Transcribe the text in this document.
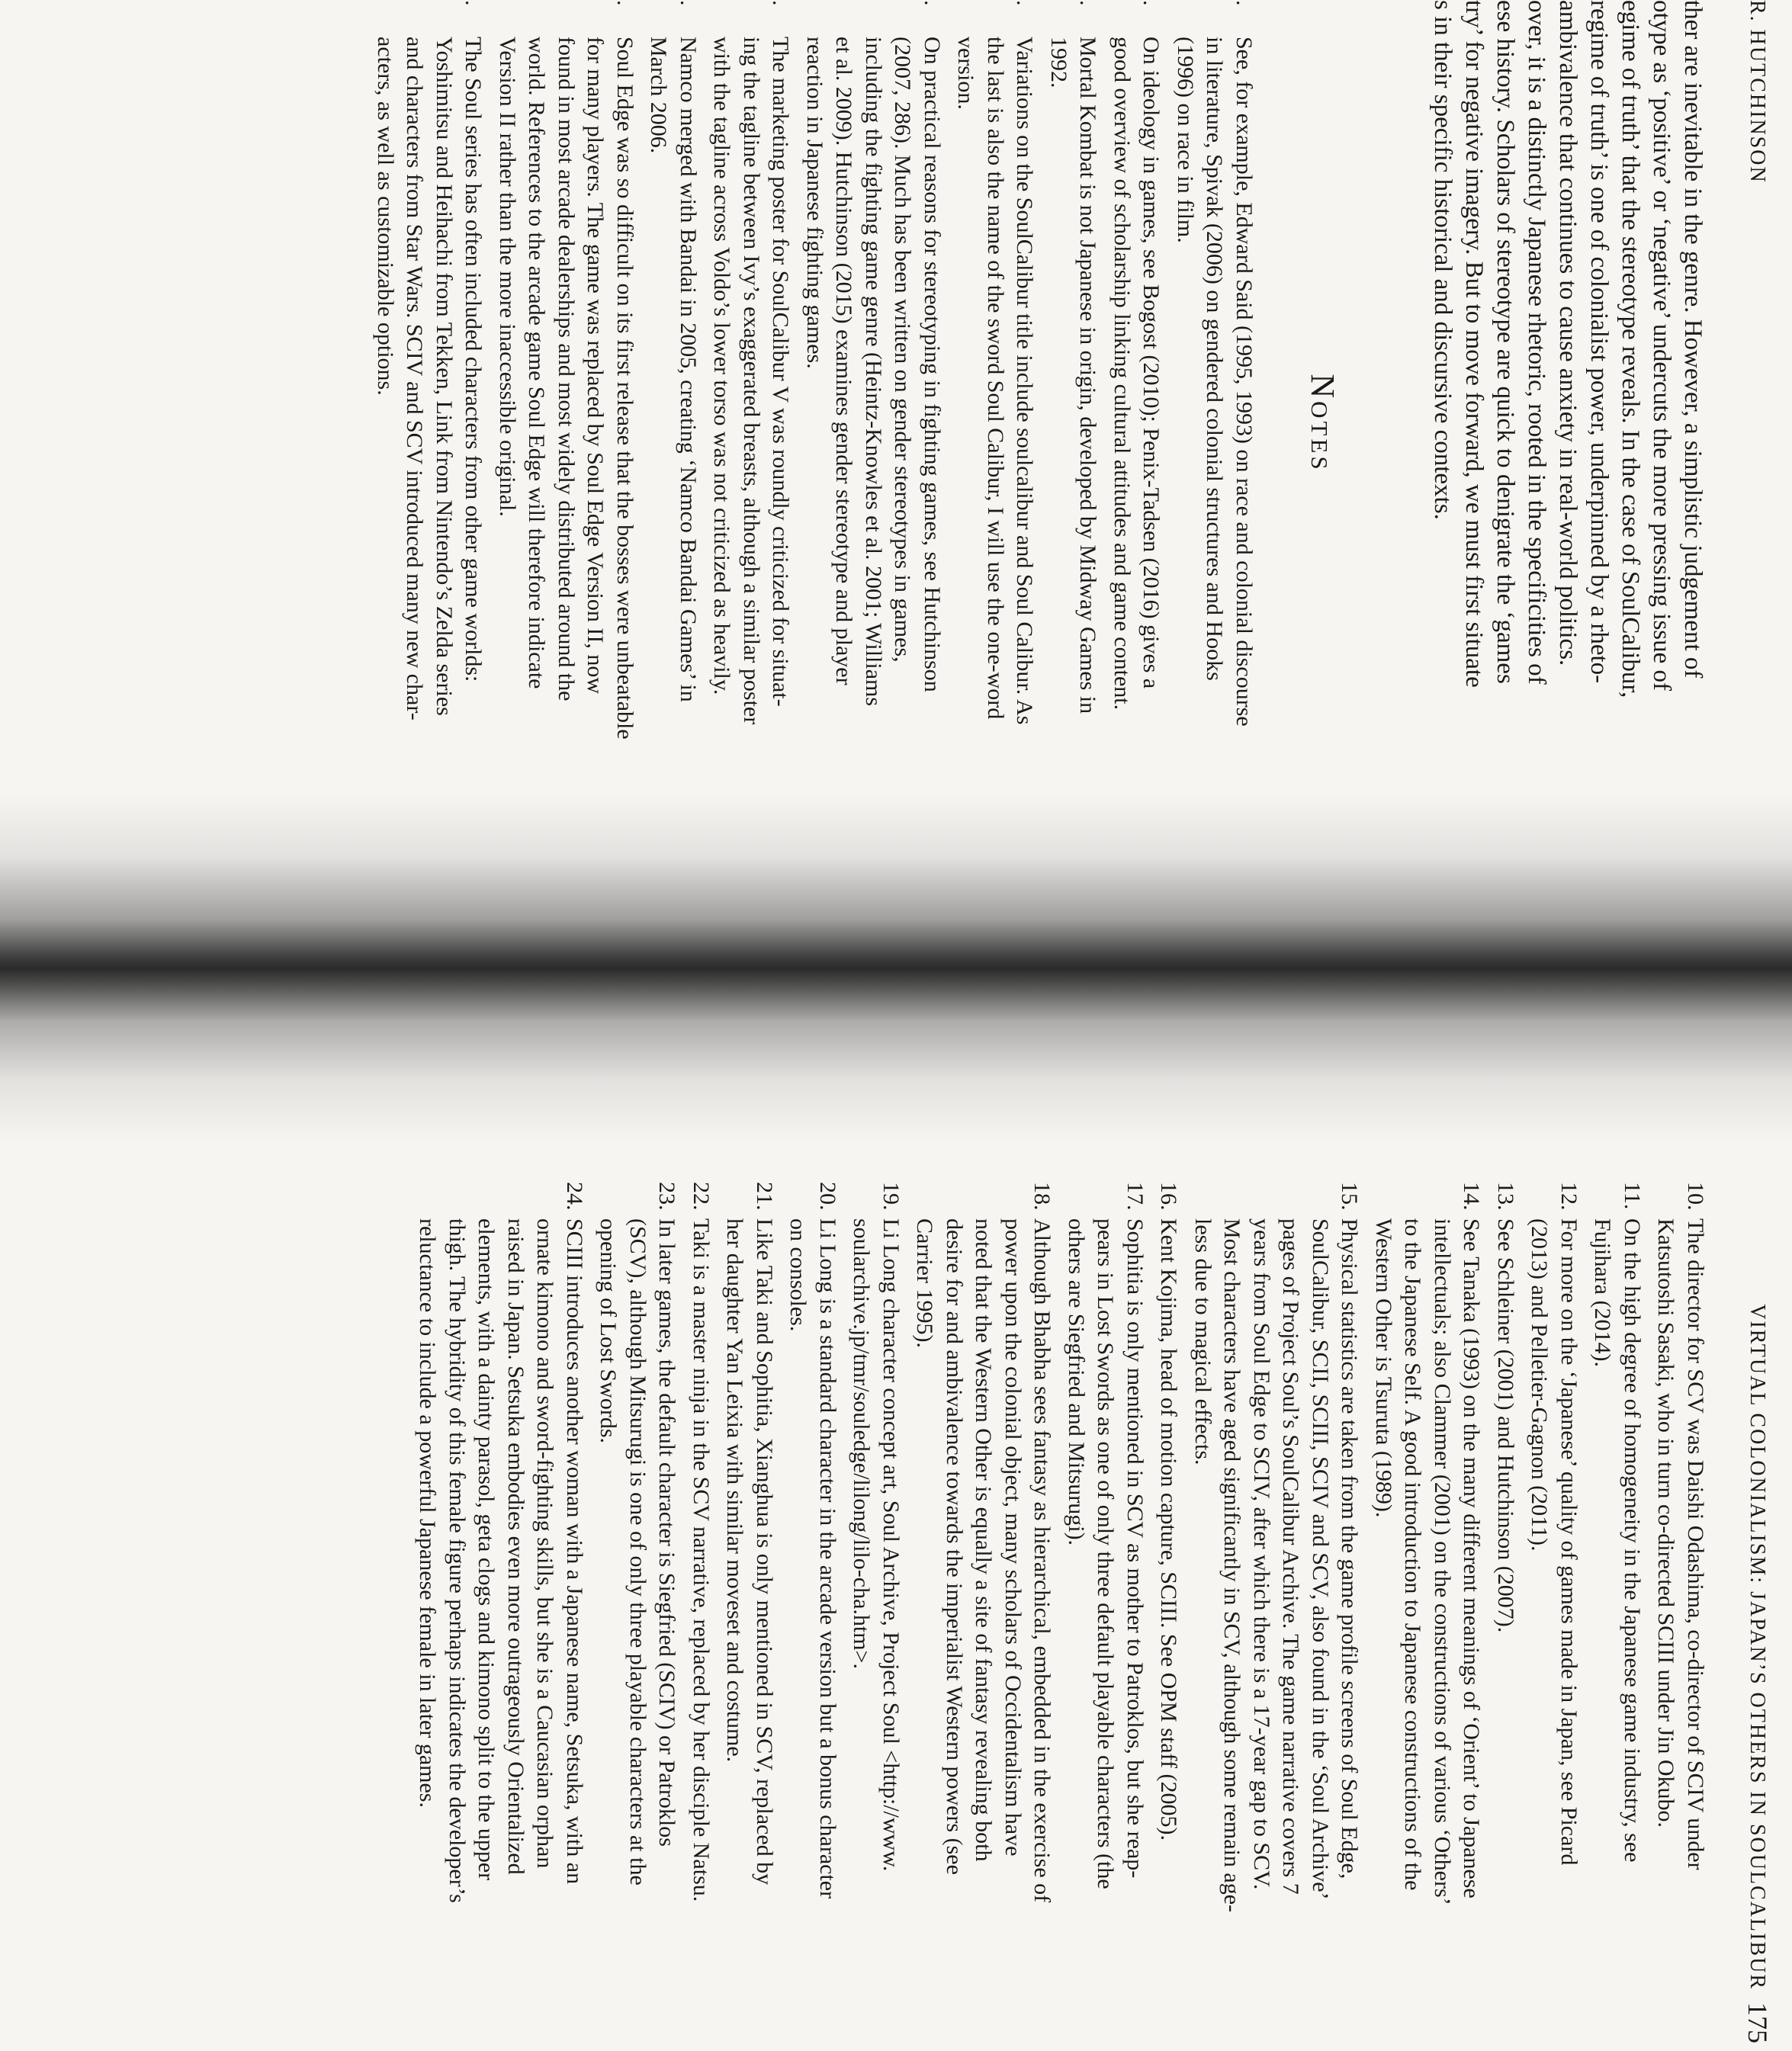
R. HUTCHINSON
ther are inevitable in the genre. However, a simplistic judgement of
otype as ‘positive’ or ‘negative’ undercuts the more pressing issue of
egime of truth’ that the stereotype reveals. In the case of SoulCalibur,
regime of truth’ is one of colonialist power, underpinned by a rheto-
ambivalence that continues to cause anxiety in real-world politics.
over, it is a distinctly Japanese rhetoric, rooted in the specificities of
ese history. Scholars of stereotype are quick to denigrate the ‘games
try’ for negative imagery. But to move forward, we must first situate
s in their specific historical and discursive contexts.
Notes
.See, for example, Edward Said (1995, 1993) on race and colonial discourse
in literature, Spivak (2006) on gendered colonial structures and Hooks
(1996) on race in film.
.On ideology in games, see Bogost (2010); Penix-Tadsen (2016) gives a
good overview of scholarship linking cultural attitudes and game content.
.Mortal Kombat is not Japanese in origin, developed by Midway Games in
1992.
.Variations on the SoulCalibur title include soulcalibur and Soul Calibur. As
the last is also the name of the sword Soul Calibur, I will use the one-word
version.
.On practical reasons for stereotyping in fighting games, see Hutchinson
(2007, 286). Much has been written on gender stereotypes in games,
including the fighting game genre (Heintz-Knowles et al. 2001; Williams
et al. 2009). Hutchinson (2015) examines gender stereotype and player
reaction in Japanese fighting games.
.The marketing poster for SoulCalibur V was roundly criticized for situat-
ing the tagline between Ivy’s exaggerated breasts, although a similar poster
with the tagline across Voldo’s lower torso was not criticized as heavily.
.Namco merged with Bandai in 2005, creating ‘Namco Bandai Games’ in
March 2006.
.Soul Edge was so difficult on its first release that the bosses were unbeatable
for many players. The game was replaced by Soul Edge Version II, now
found in most arcade dealerships and most widely distributed around the
world. References to the arcade game Soul Edge will therefore indicate
Version II rather than the more inaccessible original.
.The Soul series has often included characters from other game worlds:
Yoshimitsu and Heihachi from Tekken, Link from Nintendo’s Zelda series
and characters from Star Wars. SCIV and SCV introduced many new char-
acters, as well as customizable options.
VIRTUAL COLONIALISM: JAPAN’S OTHERS IN SOULCALIBUR
175
10.The director for SCV was Daishi Odashima, co-director of SCIV under
Katsutoshi Sasaki, who in turn co-directed SCIII under Jin Okubo.
11.On the high degree of homogeneity in the Japanese game industry, see
Fujihara (2014).
12.For more on the ‘Japanese’ quality of games made in Japan, see Picard
(2013) and Pelletier-Gagnon (2011).
13.See Schleiner (2001) and Hutchinson (2007).
14.See Tanaka (1993) on the many different meanings of ‘Orient’ to Japanese
intellectuals; also Clammer (2001) on the constructions of various ‘Others’
to the Japanese Self. A good introduction to Japanese constructions of the
Western Other is Tsuruta (1989).
15.Physical statistics are taken from the game profile screens of Soul Edge,
SoulCalibur, SCII, SCIII, SCIV and SCV, also found in the ‘Soul Archive’
pages of Project Soul’s SoulCalibur Archive. The game narrative covers 7
years from Soul Edge to SCIV, after which there is a 17-year gap to SCV.
Most characters have aged significantly in SCV, although some remain age-
less due to magical effects.
16.Kent Kojima, head of motion capture, SCIII. See OPM staff (2005).
17.Sophitia is only mentioned in SCV as mother to Patroklos, but she reap-
pears in Lost Swords as one of only three default playable characters (the
others are Siegfried and Mitsurugi).
18.Although Bhabha sees fantasy as hierarchical, embedded in the exercise of
power upon the colonial object, many scholars of Occidentalism have
noted that the Western Other is equally a site of fantasy revealing both
desire for and ambivalence towards the imperialist Western powers (see
Carrier 1995).
19.Li Long character concept art, Soul Archive, Project Soul <http://www.
soularchive.jp/tmr/souledge/lilong/lilo-cha.htm>.
20.Li Long is a standard character in the arcade version but a bonus character
on consoles.
21.Like Taki and Sophitia, Xianghua is only mentioned in SCV, replaced by
her daughter Yan Leixia with similar moveset and costume.
22.Taki is a master ninja in the SCV narrative, replaced by her disciple Natsu.
23.In later games, the default character is Siegfried (SCIV) or Patroklos
(SCV), although Mitsurugi is one of only three playable characters at the
opening of Lost Swords.
24.SCIII introduces another woman with a Japanese name, Setsuka, with an
ornate kimono and sword-fighting skills, but she is a Caucasian orphan
raised in Japan. Setsuka embodies even more outrageously Orientalized
elements, with a dainty parasol, geta clogs and kimono split to the upper
thigh. The hybridity of this female figure perhaps indicates the developer’s
reluctance to include a powerful Japanese female in later games.
